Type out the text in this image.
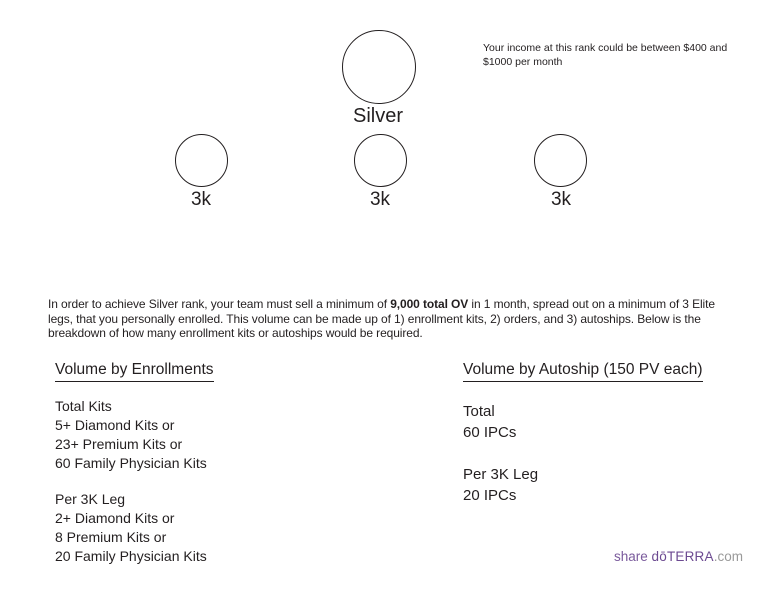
Silver
3k	3k	3k
Your income at this rank could be between $400 and $1000 per month
In order to achieve Silver rank, your team must sell a minimum of 9,000 total OV in 1 month, spread out on a minimum of 3 Elite legs, that you personally enrolled. This volume can be made up of 1) enrollment kits, 2) orders, and 3) autoships. Below is the breakdown of how many enrollment kits or autoships would be required.
Volume by Enrollments
Total Kits
5+ Diamond Kits or
23+ Premium Kits or
60 Family Physician Kits
Per 3K Leg
2+ Diamond Kits or
8 Premium Kits or
20 Family Physician Kits
Volume by Autoship (150 PV each)
Total
60 IPCs
Per 3K Leg
20 IPCs
share dōTERRA.com
